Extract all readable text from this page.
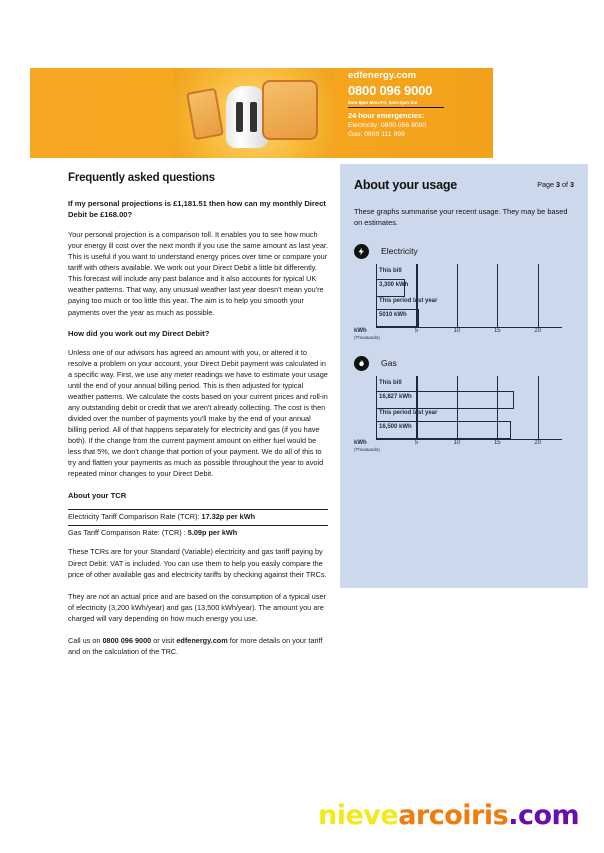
edfenergy.com
0800 096 9000
8am-8pm Mon-Fri, 8am-2pm Sat
24 hour emergencies:
Electricity: 0800 056 8090
Gas: 0800 111 999	edf
ENERGY
Frequently asked questions
If my personal projections is £1,181.51 then how can my monthly Direct Debit be £168.00?

Your personal projection is a comparison toll. It enables you to see how much your energy ill cost over the next month if you use the same amount as last year. This is useful if you want to understand energy prices over time or compare your tariff with others available. We work out your Direct Debit a little bit differently. This forecast will include any past balance and it also accounts for typical UK weather patterns. That way, any unusual weather last year doesn't mean you're paying too much or too little this year. The aim is to help you smooth your payments over the year as much as possible.

How did you work out my Direct Debit?

Unless one of our advisors has agreed an amount with you, or altered it to resolve a problem on your account, your Direct Debit payment was calculated in a specific way. First, we use any meter readings we have to estimate your usage until the end of your annual billing period. This is then adjusted for typical weather patterns. We calculate the costs based on your current prices and roll-in any outstanding debit or credit that we aren't already collecting. The cost is then divided over the number of payments you'll make by the end of your annual billing period. All of that happens separately for electricity and gas (if you have both). If the change from the current payment amount on either fuel would be less that 5%, we don't change that portion of your payment. We do all of this to try and flatten your payments as much as possible throughout the year to avoid repeated minor changes to your Direct Debit.

About your TCR
Electricity Tariff Comparison Rate (TCR): 17.32p per kWh
Gas Tariff Comparison Rate: (TCR) : 5.09p per kWh

These TCRs are for your Standard (Variable) electricity and gas tariff paying by Direct Debit: VAT is included. You can use them to help you easily compare the price of other available gas and electricity tariffs by checking against their TRCs.

They are not an actual price and are based on the consumption of a typical user of electricity (3,200 kWh/year) and gas (13,500 kWh/year). The amount you are charged will vary depending on how much energy you use.

Call us on 0800 096 9000 or visit edfenergy.com for more details on your tariff and on the calculation of the TRC.

About your usage	Page 3 of 3

These graphs summarise your recent usage. They may be based on estimates.

Electricity
5	10	15	20
kWh
(Thousands)
This bill
3,300 kWh
This period last year
5010 kWh
Gas
5	10	15	20
kWh
(Thousands)
This bill
16,827 kWh
This period last year
16,500 kWh
nievearcoiris.com
